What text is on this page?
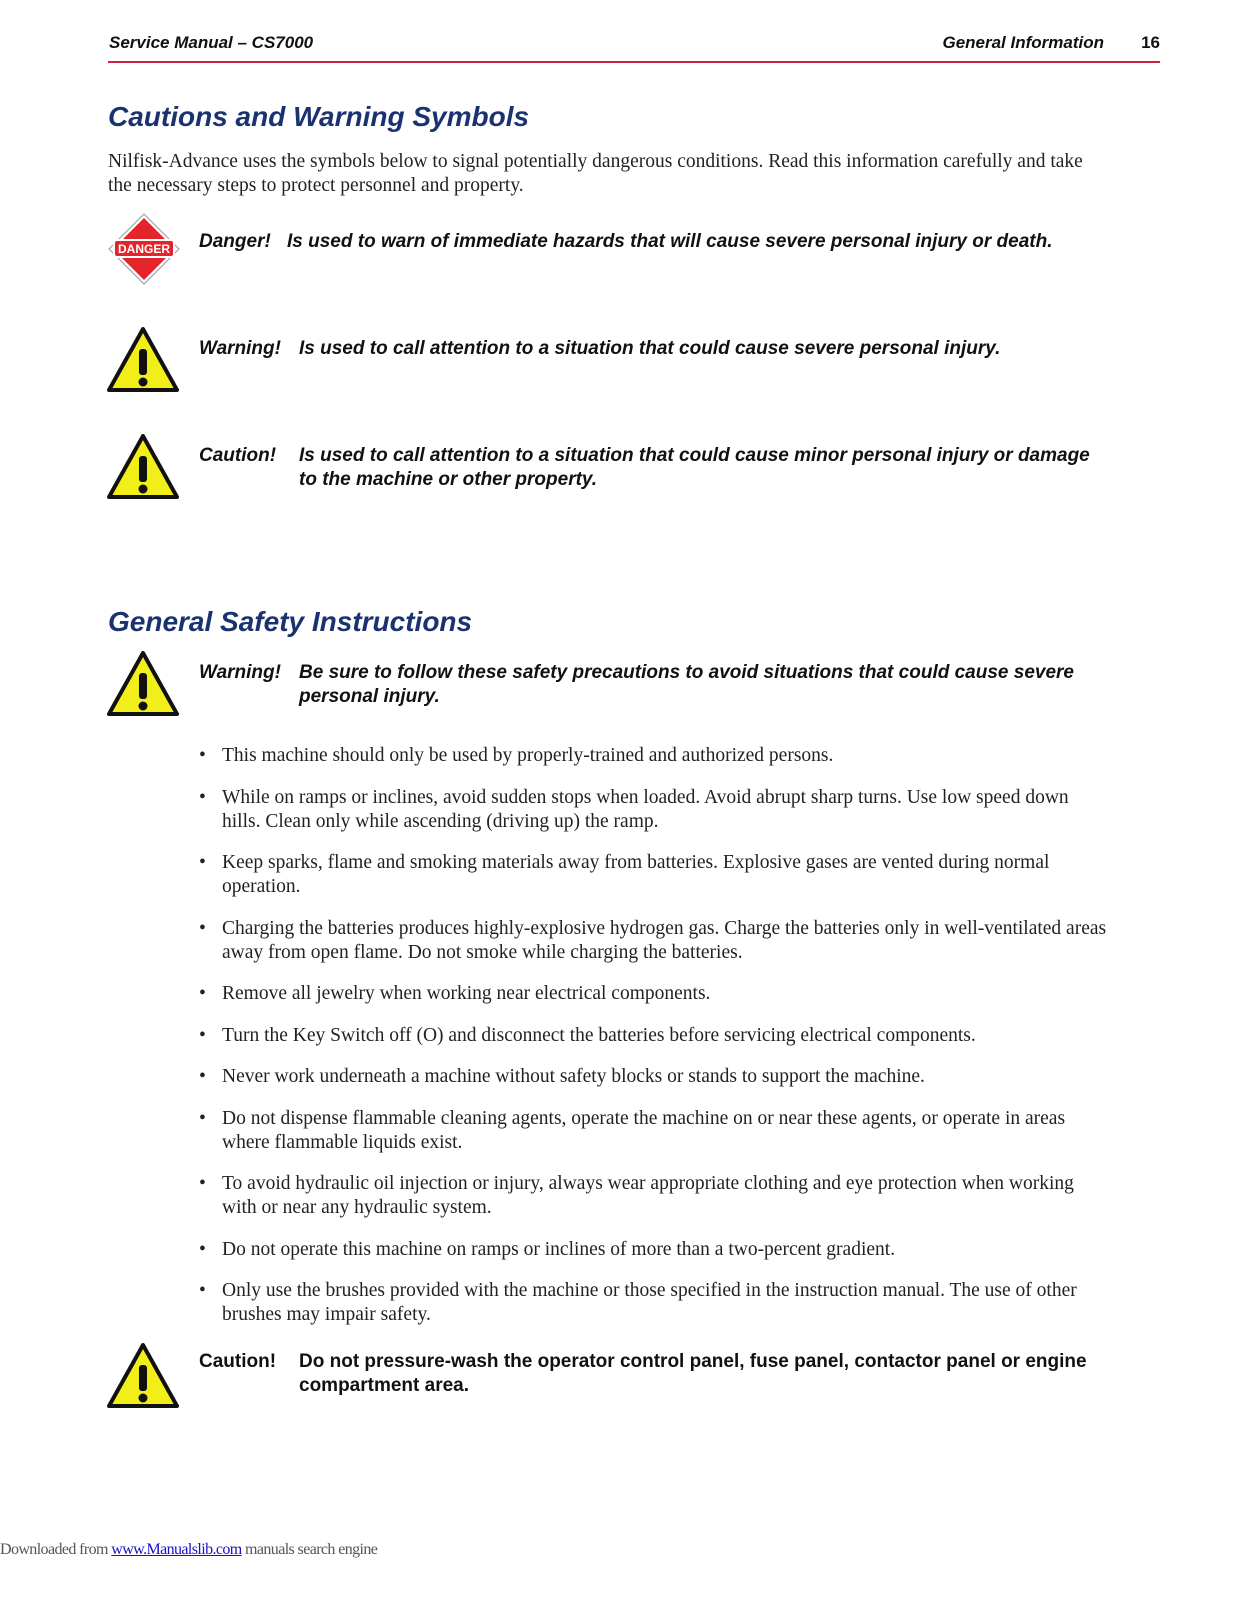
Service Manual – CS7000	General Information 16
Cautions and Warning Symbols
Nilfisk-Advance uses the symbols below to signal potentially dangerous conditions. Read this information carefully and take the necessary steps to protect personnel and property.
DANGER Danger! Is used to warn of immediate hazards that will cause severe personal injury or death.
Warning! Is used to call attention to a situation that could cause severe personal injury.
Caution! Is used to call attention to a situation that could cause minor personal injury or damage to the machine or other property.
General Safety Instructions
Warning! Be sure to follow these safety precautions to avoid situations that could cause severe personal injury.
• This machine should only be used by properly-trained and authorized persons.
• While on ramps or inclines, avoid sudden stops when loaded. Avoid abrupt sharp turns. Use low speed down hills. Clean only while ascending (driving up) the ramp.
• Keep sparks, flame and smoking materials away from batteries. Explosive gases are vented during normal operation.
• Charging the batteries produces highly-explosive hydrogen gas. Charge the batteries only in well-ventilated areas away from open flame. Do not smoke while charging the batteries.
• Remove all jewelry when working near electrical components.
• Turn the Key Switch off (O) and disconnect the batteries before servicing electrical components.
• Never work underneath a machine without safety blocks or stands to support the machine.
• Do not dispense flammable cleaning agents, operate the machine on or near these agents, or operate in areas where flammable liquids exist.
• To avoid hydraulic oil injection or injury, always wear appropriate clothing and eye protection when working with or near any hydraulic system.
• Do not operate this machine on ramps or inclines of more than a two-percent gradient.
• Only use the brushes provided with the machine or those specified in the instruction manual. The use of other brushes may impair safety.
Caution! Do not pressure-wash the operator control panel, fuse panel, contactor panel or engine compartment area.
Downloaded from www.Manualslib.com manuals search engine
